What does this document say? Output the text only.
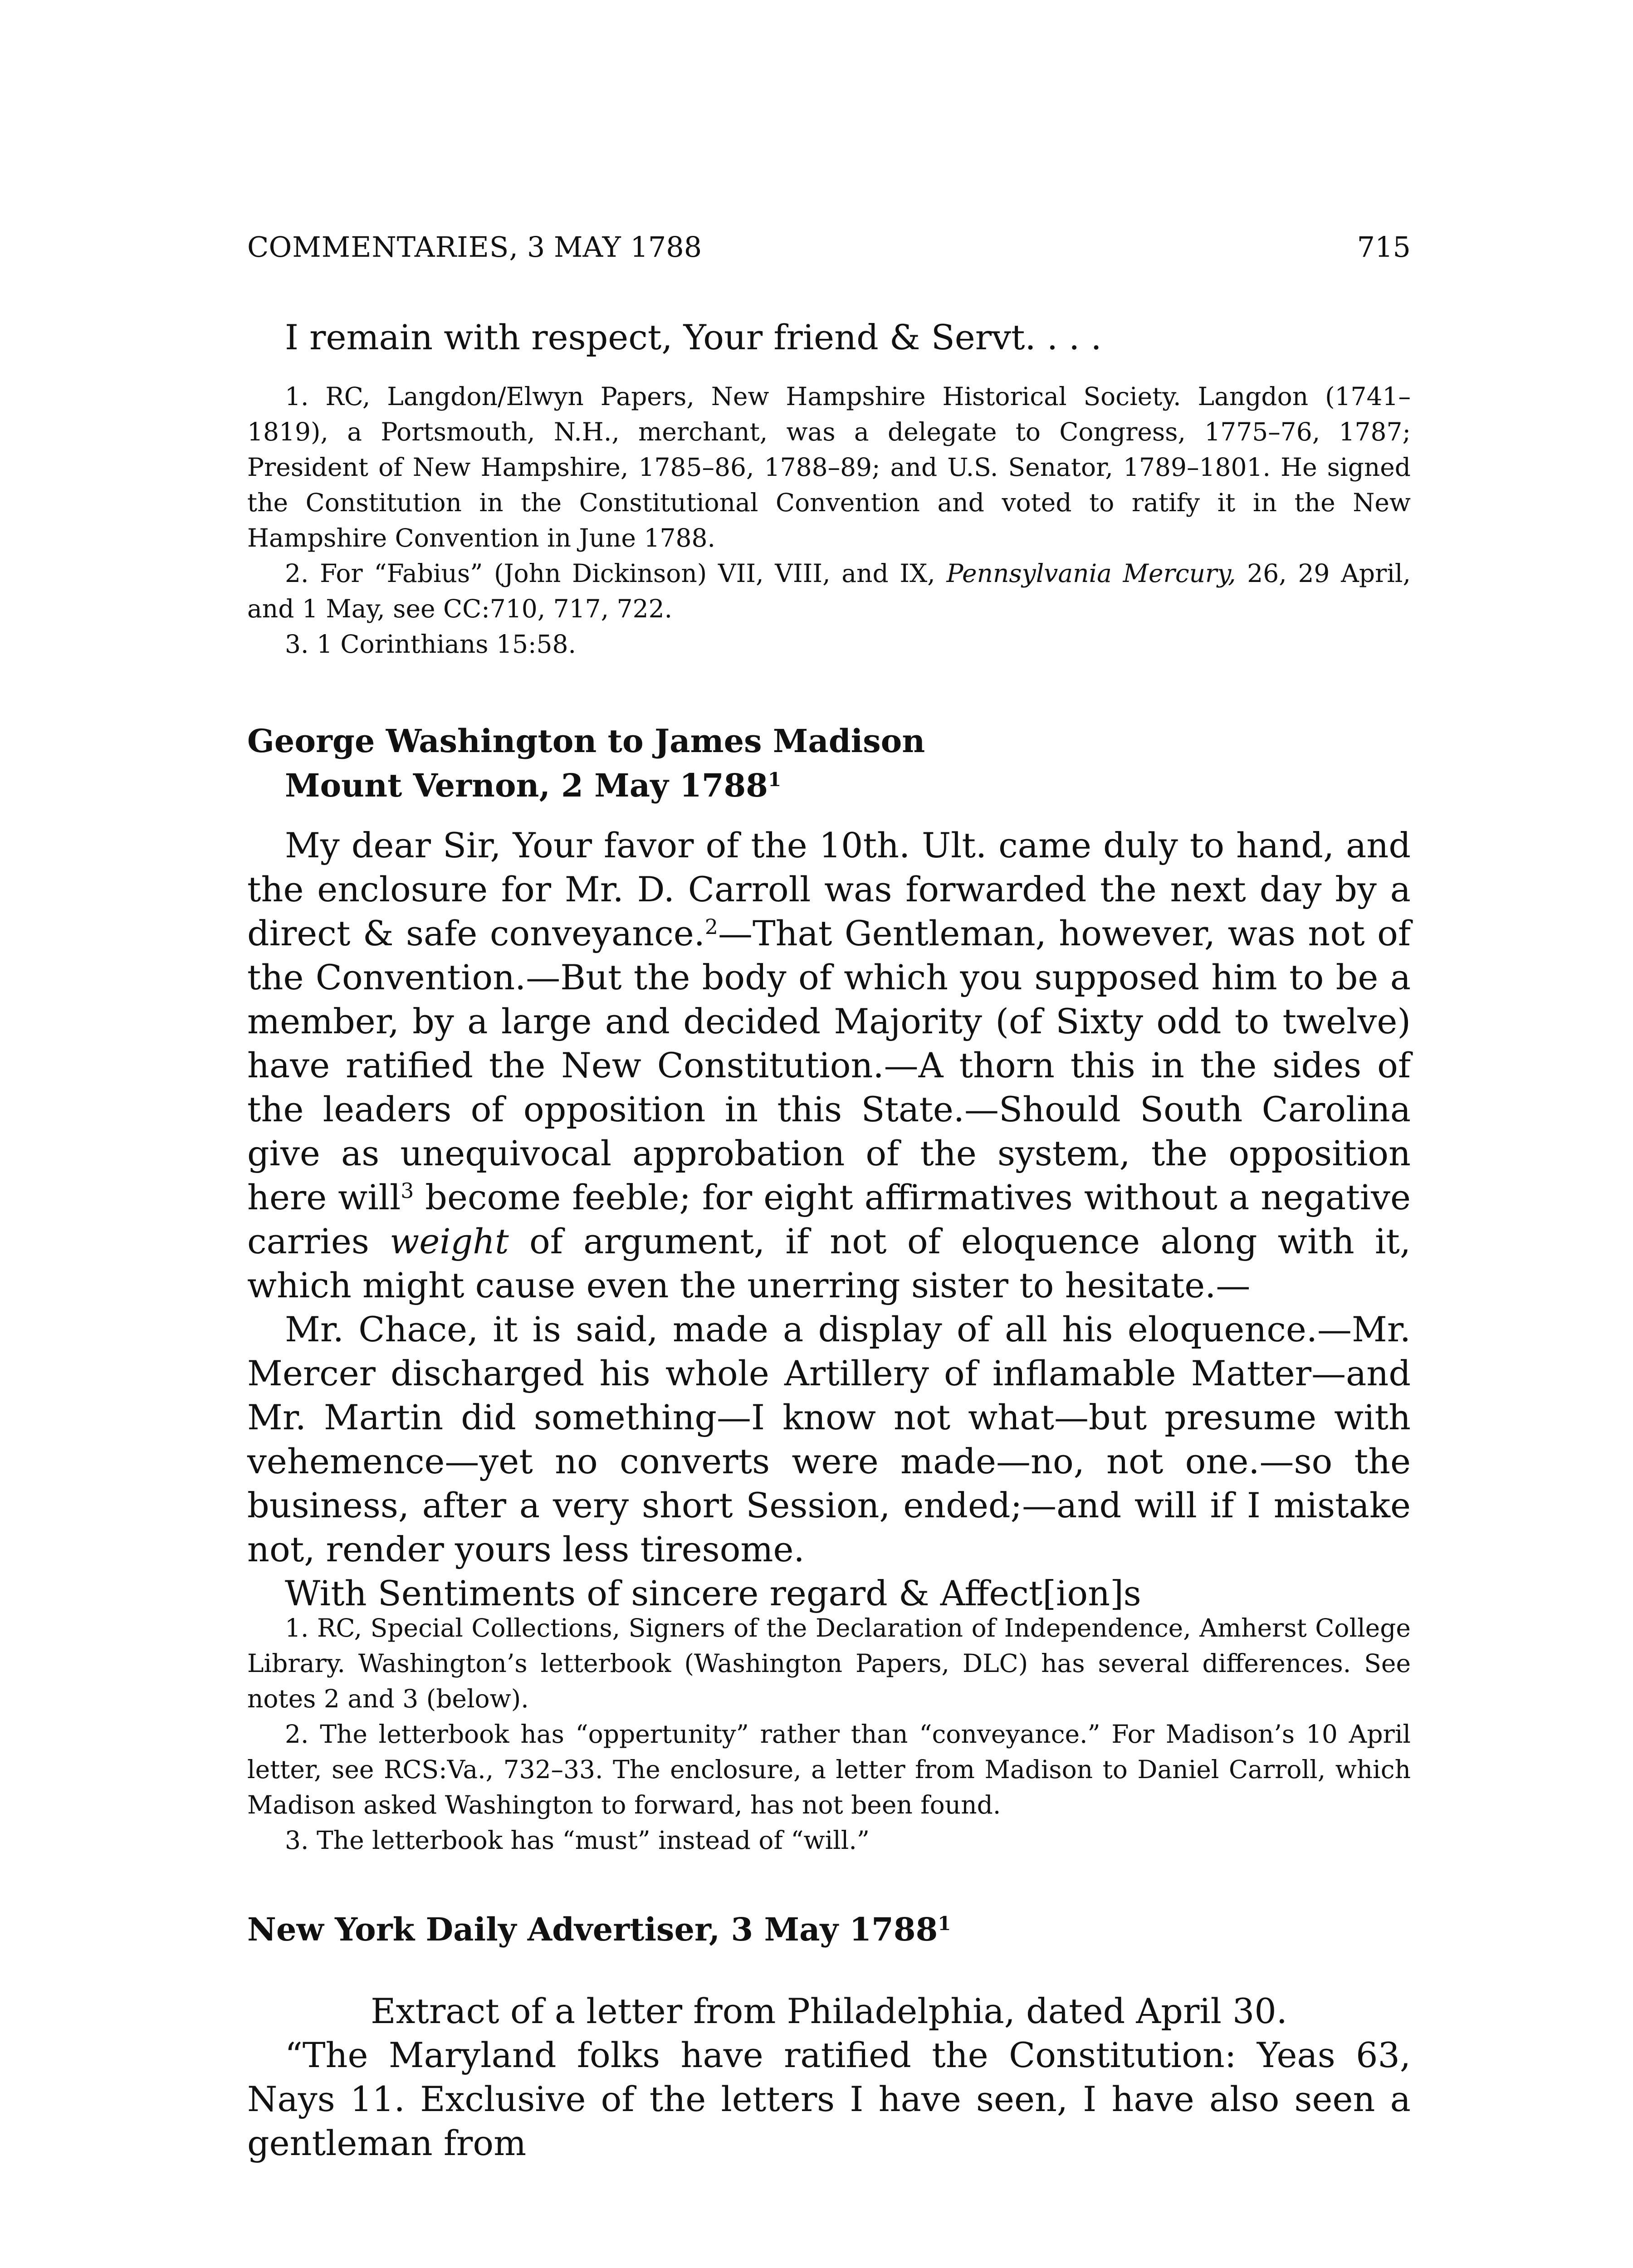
COMMENTARIES, 3 MAY 1788	715

I remain with respect, Your friend & Servt. . . .

1. RC, Langdon/Elwyn Papers, New Hampshire Historical Society. Langdon (1741–1819), a Portsmouth, N.H., merchant, was a delegate to Congress, 1775–76, 1787; President of New Hampshire, 1785–86, 1788–89; and U.S. Senator, 1789–1801. He signed the Constitution in the Constitutional Convention and voted to ratify it in the New Hampshire Convention in June 1788.

2. For “Fabius” (John Dickinson) VII, VIII, and IX, Pennsylvania Mercury, 26, 29 April, and 1 May, see CC:710, 717, 722.

3. 1 Corinthians 15:58.

George Washington to James Madison
Mount Vernon, 2 May 1788$^1$

My dear Sir, Your favor of the 10th. Ult. came duly to hand, and the enclosure for Mr. D. Carroll was forwarded the next day by a direct & safe conveyance.$^2$—That Gentleman, however, was not of the Convention.—But the body of which you supposed him to be a member, by a large and decided Majority (of Sixty odd to twelve) have ratified the New Constitution.—A thorn this in the sides of the leaders of opposition in this State.—Should South Carolina give as unequivocal approbation of the system, the opposition here will$^3$ become feeble; for eight affirmatives without a negative carries weight of argument, if not of eloquence along with it, which might cause even the unerring sister to hesitate.—

Mr. Chace, it is said, made a display of all his eloquence.—Mr. Mercer discharged his whole Artillery of inflamable Matter—and Mr. Martin did something—I know not what—but presume with vehemence—yet no converts were made—no, not one.—so the business, after a very short Session, ended;—and will if I mistake not, render yours less tiresome.

With Sentiments of sincere regard & Affect[ion]s

1. RC, Special Collections, Signers of the Declaration of Independence, Amherst College Library. Washington’s letterbook (Washington Papers, DLC) has several differences. See notes 2 and 3 (below).

2. The letterbook has “oppertunity” rather than “conveyance.” For Madison’s 10 April letter, see RCS:Va., 732–33. The enclosure, a letter from Madison to Daniel Carroll, which Madison asked Washington to forward, has not been found.

3. The letterbook has “must” instead of “will.”

New York Daily Advertiser, 3 May 1788$^1$

Extract of a letter from Philadelphia, dated April 30.

“The Maryland folks have ratified the Constitution: Yeas 63, Nays 11. Exclusive of the letters I have seen, I have also seen a gentleman from
